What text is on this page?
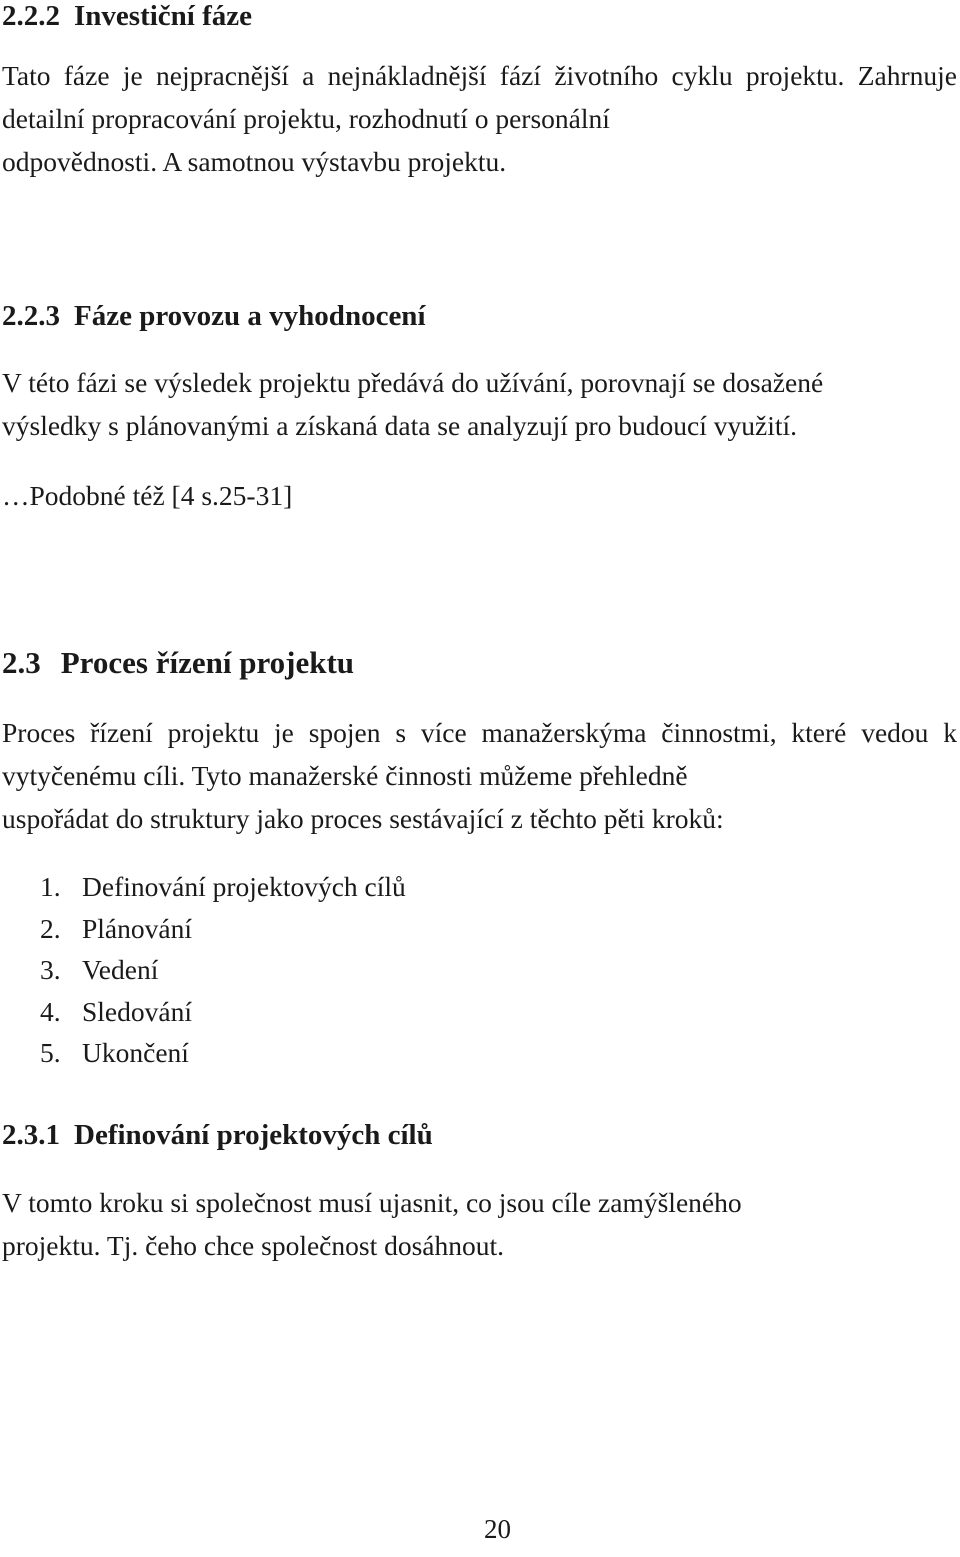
2.2.2 Investiční fáze
Tato fáze je nejpracnější a nejnákladnější fází životního cyklu projektu. Zahrnuje detailní propracování projektu, rozhodnutí o personální
odpovědnosti. A samotnou výstavbu projektu.
2.2.3 Fáze provozu a vyhodnocení
V této fázi se výsledek projektu předává do užívání, porovnají se dosažené
výsledky s plánovanými a získaná data se analyzují pro budoucí využití.
…Podobné též [4 s.25-31]
2.3 Proces řízení projektu
Proces řízení projektu je spojen s více manažerskýma činnostmi, které vedou k vytyčenému cíli. Tyto manažerské činnosti můžeme přehledně
uspořádat do struktury jako proces sestávající z těchto pěti kroků:
1. Definování projektových cílů
2. Plánování
3. Vedení
4. Sledování
5. Ukončení
2.3.1 Definování projektových cílů
V tomto kroku si společnost musí ujasnit, co jsou cíle zamýšleného
projektu. Tj. čeho chce společnost dosáhnout.
20
